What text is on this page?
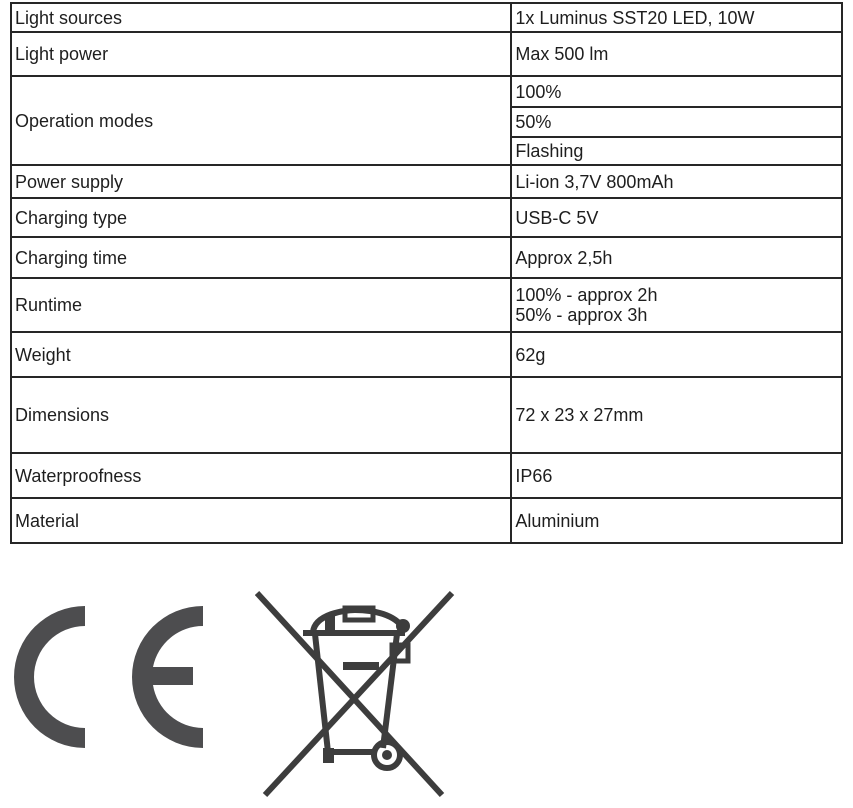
Light sources	1x Luminus SST20 LED, 10W
Light power	Max 500 lm
Operation modes	100%
	50%
	Flashing
Power supply	Li-ion 3,7V 800mAh
Charging type	USB-C 5V
Charging time	Approx 2,5h
Runtime	100% - approx 2h
50% - approx 3h

Weight	62g
Dimensions	72 x 23 x 27mm
Waterproofness	IP66
Material	Aluminium
